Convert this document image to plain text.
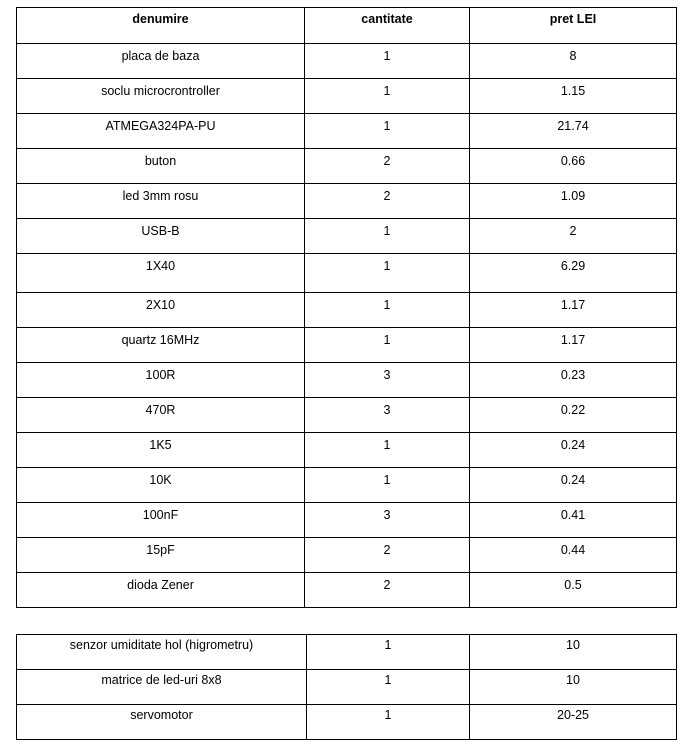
denumire	cantitate	pret LEI
placa de baza	1	8
soclu microcrontroller	1	1.15
ATMEGA324PA-PU	1	21.74
buton	2	0.66
led 3mm rosu	2	1.09
USB-B	1	2
1X40	1	6.29
2X10	1	1.17
quartz 16MHz	1	1.17
100R	3	0.23
470R	3	0.22
1K5	1	0.24
10K	1	0.24
100nF	3	0.41
15pF	2	0.44
dioda Zener	2	0.5
senzor umiditate hol (higrometru)	1	10
matrice de led-uri 8x8	1	10
servomotor	1	20-25
